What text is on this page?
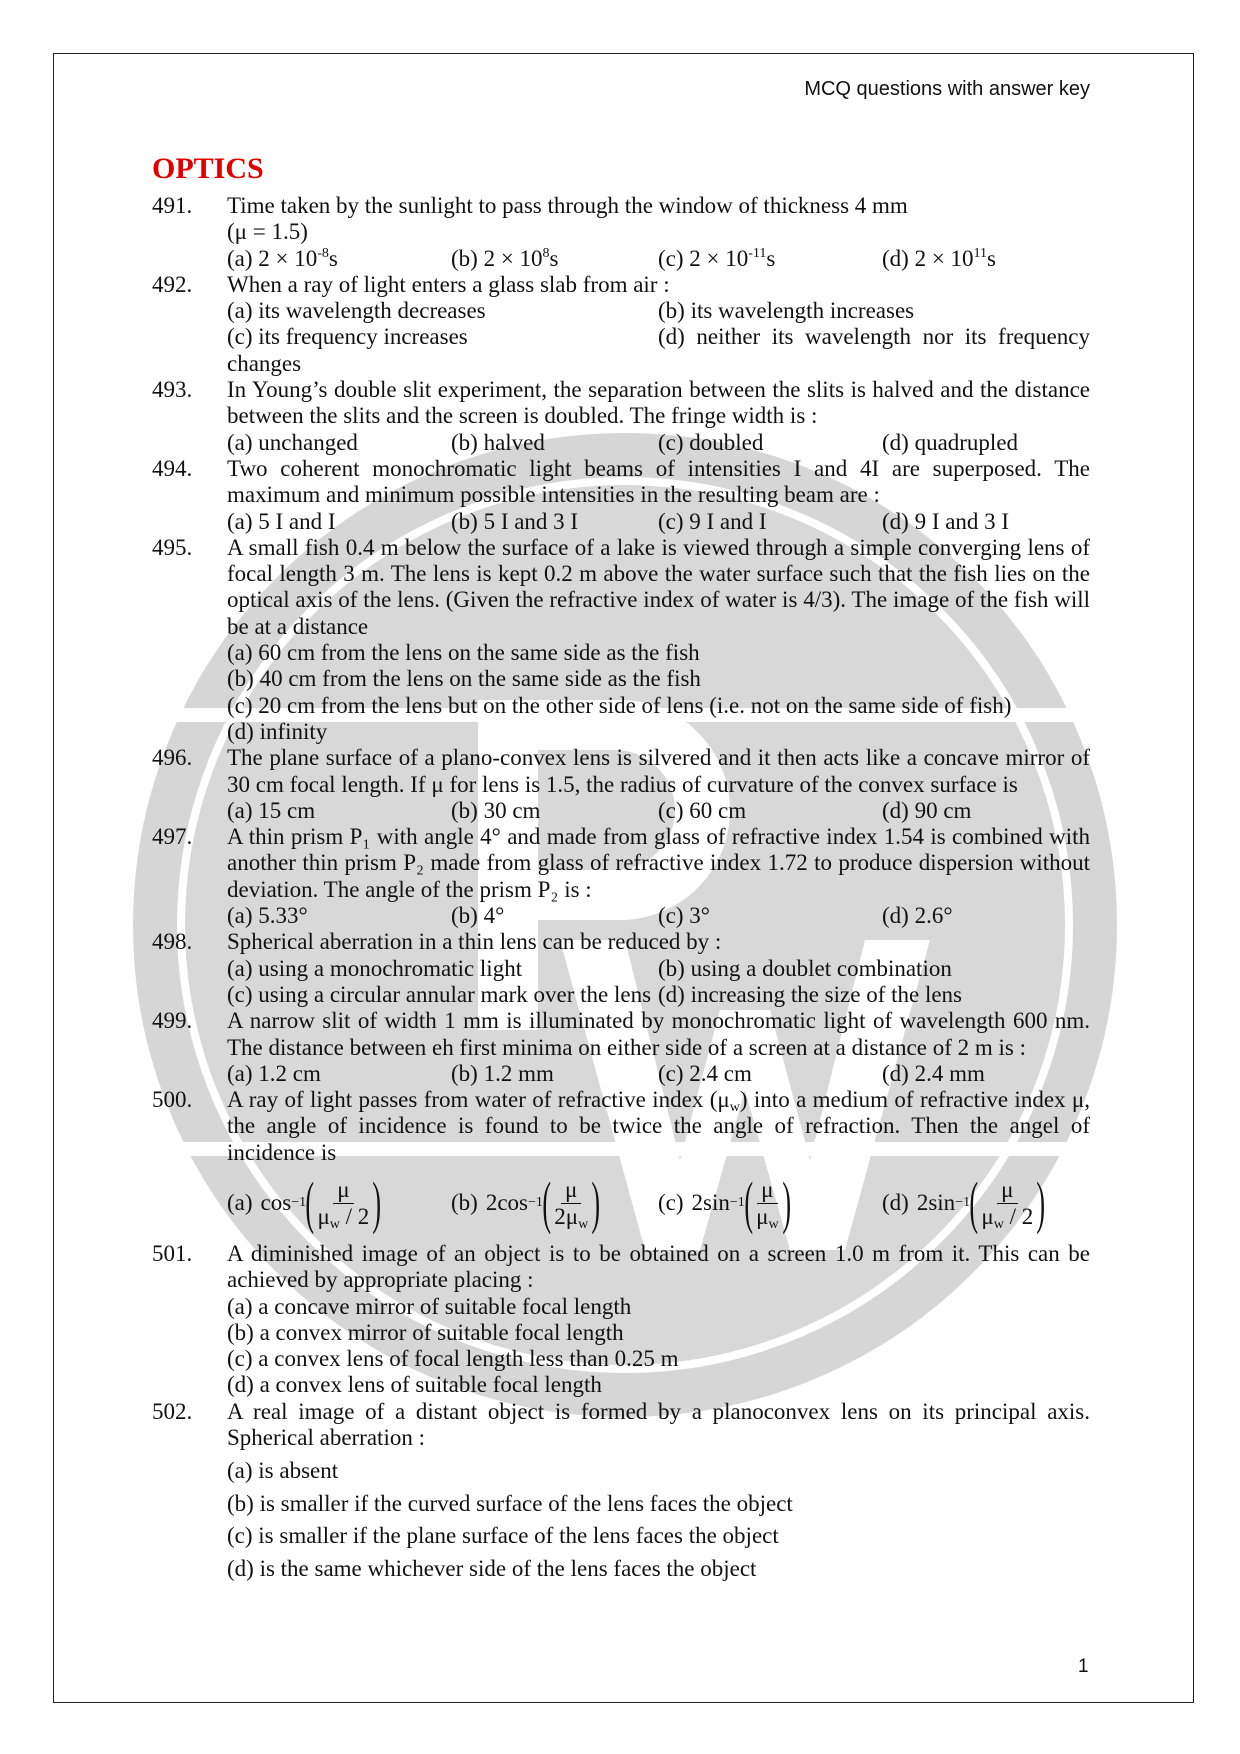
MCQ questions with answer key
OPTICS
491. Time taken by the sunlight to pass through the window of thickness 4 mm
(μ = 1.5)
(a) $2 \times 10^{-8}s$	(b) $2 \times 10^8s$	(c) $2 \times 10^{-11}s$	(d) $2 \times 10^{11}s$
492. When a ray of light enters a glass slab from air :
(a) its wavelength decreases	(b) its wavelength increases
(c) its frequency increases	(d) neither its wavelength nor its frequency
changes
493. In Young’s double slit experiment, the separation between the slits is halved and the distance between the slits and the screen is doubled. The fringe width is :
(a) unchanged	(b) halved	(c) doubled	(d) quadrupled
494. Two coherent monochromatic light beams of intensities I and 4I are superposed. The maximum and minimum possible intensities in the resulting beam are :
(a) 5 I and I	(b) 5 I and 3 I	(c) 9 I and I	(d) 9 I and 3 I
495. A small fish 0.4 m below the surface of a lake is viewed through a simple converging lens of focal length 3 m. The lens is kept 0.2 m above the water surface such that the fish lies on the optical axis of the lens. (Given the refractive index of water is 4/3). The image of the fish will be at a distance
(a) 60 cm from the lens on the same side as the fish
(b) 40 cm from the lens on the same side as the fish
(c) 20 cm from the lens but on the other side of lens (i.e. not on the same side of fish)
(d) infinity
496. The plane surface of a plano-convex lens is silvered and it then acts like a concave mirror of 30 cm focal length. If μ for lens is 1.5, the radius of curvature of the convex surface is
(a) 15 cm	(b) 30 cm	(c) 60 cm	(d) 90 cm
497. A thin prism P₁ with angle 4° and made from glass of refractive index 1.54 is combined with another thin prism P₂ made from glass of refractive index 1.72 to produce dispersion without deviation. The angle of the prism P₂ is :
(a) 5.33°	(b) 4°	(c) 3°	(d) 2.6°
498. Spherical aberration in a thin lens can be reduced by :
(a) using a monochromatic light	(b) using a doublet combination
(c) using a circular annular mark over the lens (d) increasing the size of the lens
499. A narrow slit of width 1 mm is illuminated by monochromatic light of wavelength 600 nm. The distance between eh first minima on either side of a screen at a distance of 2 m is :
(a) 1.2 cm	(b) 1.2 mm	(c) 2.4 cm	(d) 2.4 mm
500. A ray of light passes from water of refractive index $(\mu_w)$ into a medium of refractive index μ, the angle of incidence is found to be twice the angle of refraction. Then the angel of incidence is
(a) cos −1 ( $\frac{\mu}{\mu_w / 2}$ )	(b) 2cos −1 ( $\frac{\mu}{2\mu_w}$ )	(c) 2sin −1 ( $\frac{\mu}{\mu_w}$ )	(d) 2sin −1 ( $\frac{\mu}{\mu_w / 2}$ )
501. A diminished image of an object is to be obtained on a screen 1.0 m from it. This can be achieved by appropriate placing :
(a) a concave mirror of suitable focal length
(b) a convex mirror of suitable focal length
(c) a convex lens of focal length less than 0.25 m
(d) a convex lens of suitable focal length
502. A real image of a distant object is formed by a planoconvex lens on its principal axis. Spherical aberration :
(a) is absent
(b) is smaller if the curved surface of the lens faces the object
(c) is smaller if the plane surface of the lens faces the object
(d) is the same whichever side of the lens faces the object
1
